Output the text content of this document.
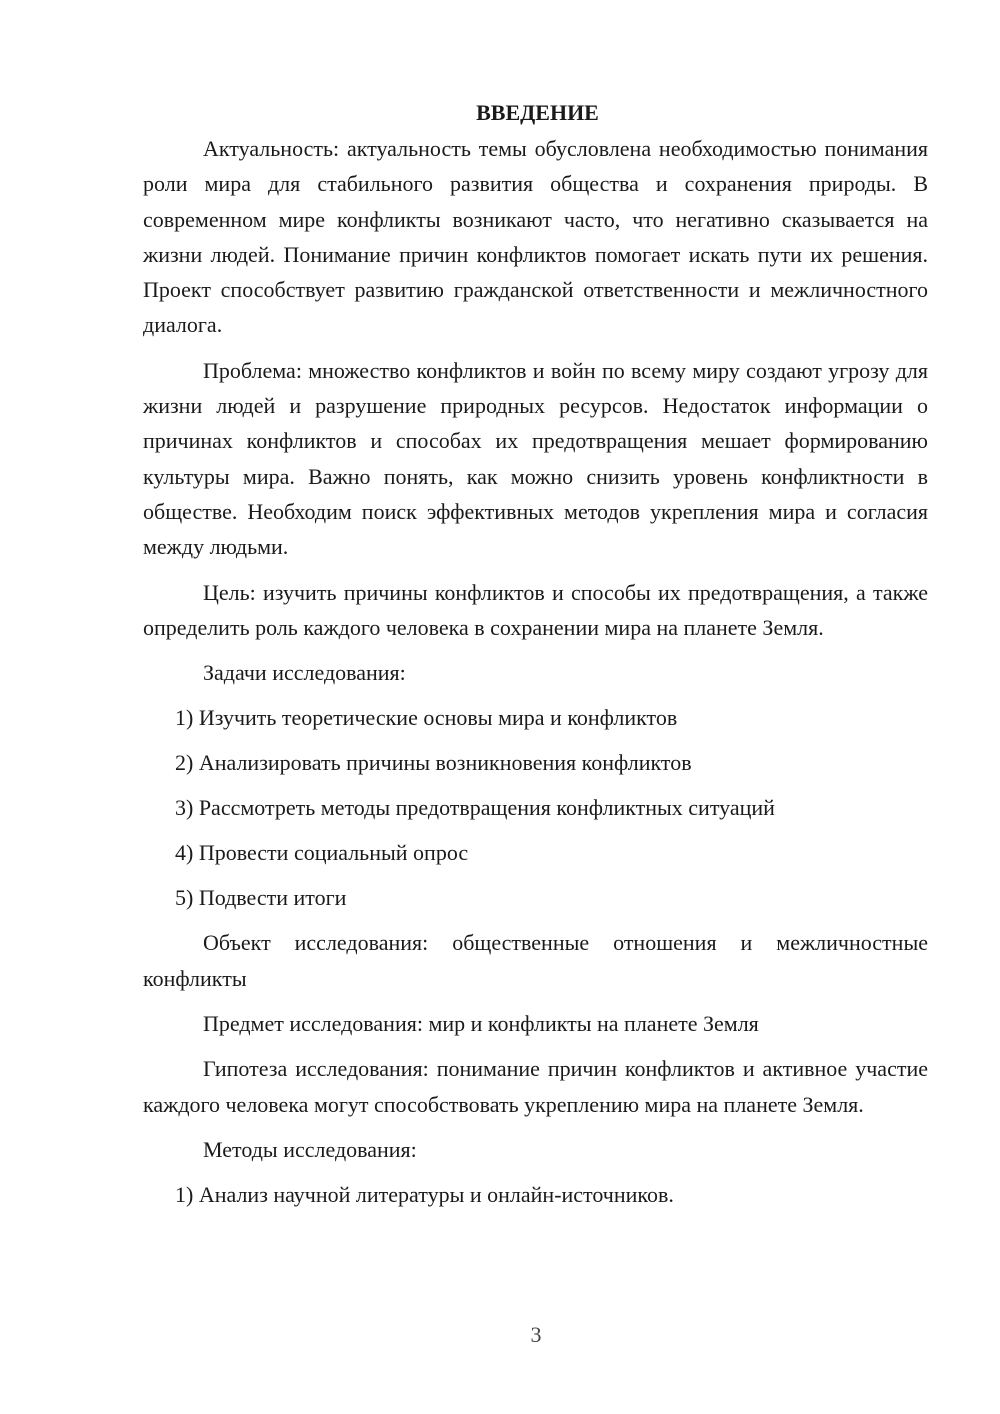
ВВЕДЕНИЕ

Актуальность: актуальность темы обусловлена необходимостью понимания роли мира для стабильного развития общества и сохранения природы. В современном мире конфликты возникают часто, что негативно сказывается на жизни людей. Понимание причин конфликтов помогает искать пути их решения. Проект способствует развитию гражданской ответственности и межличностного диалога.

Проблема: множество конфликтов и войн по всему миру создают угрозу для жизни людей и разрушение природных ресурсов. Недостаток информации о причинах конфликтов и способах их предотвращения мешает формированию культуры мира. Важно понять, как можно снизить уровень конфликтности в обществе. Необходим поиск эффективных методов укрепления мира и согласия между людьми.

Цель: изучить причины конфликтов и способы их предотвращения, а также определить роль каждого человека в сохранении мира на планете Земля.

Задачи исследования:

1) Изучить теоретические основы мира и конфликтов
2) Анализировать причины возникновения конфликтов
3) Рассмотреть методы предотвращения конфликтных ситуаций
4) Провести социальный опрос
5) Подвести итоги

Объект исследования: общественные отношения и межличностные конфликты

Предмет исследования: мир и конфликты на планете Земля

Гипотеза исследования: понимание причин конфликтов и активное участие каждого человека могут способствовать укреплению мира на планете Земля.

Методы исследования:

1) Анализ научной литературы и онлайн-источников.
3
